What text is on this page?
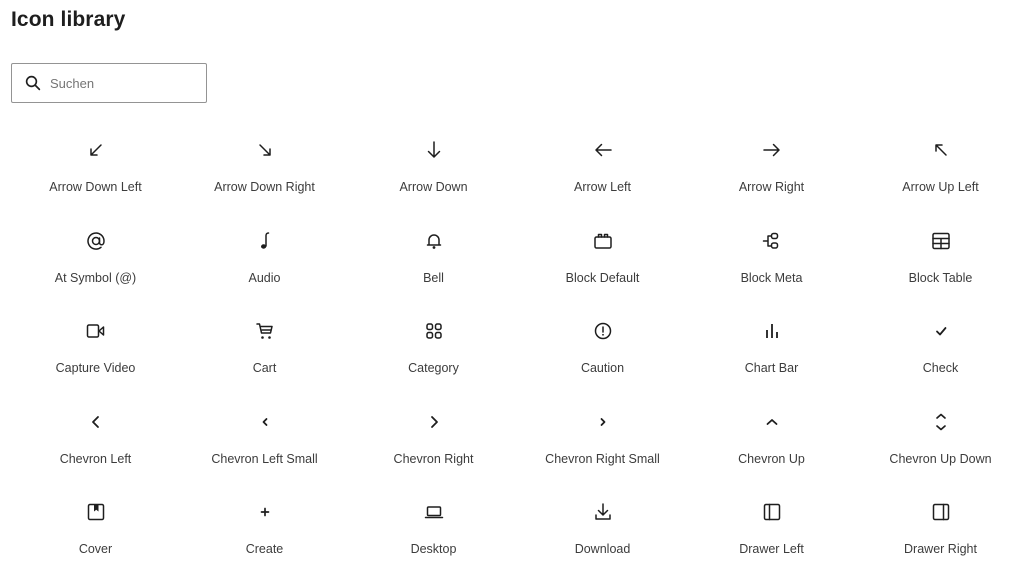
Icon library
Suchen
Arrow Down Left	Arrow Down Right	Arrow Down	Arrow Left	Arrow Right	Arrow Up Left
At Symbol (@)	Audio	Bell	Block Default	Block Meta	Block Table
Capture Video	Cart	Category	Caution	Chart Bar	Check
Chevron Left	Chevron Left Small	Chevron Right	Chevron Right Small	Chevron Up	Chevron Up Down
Cover	Create	Desktop	Download	Drawer Left	Drawer Right
